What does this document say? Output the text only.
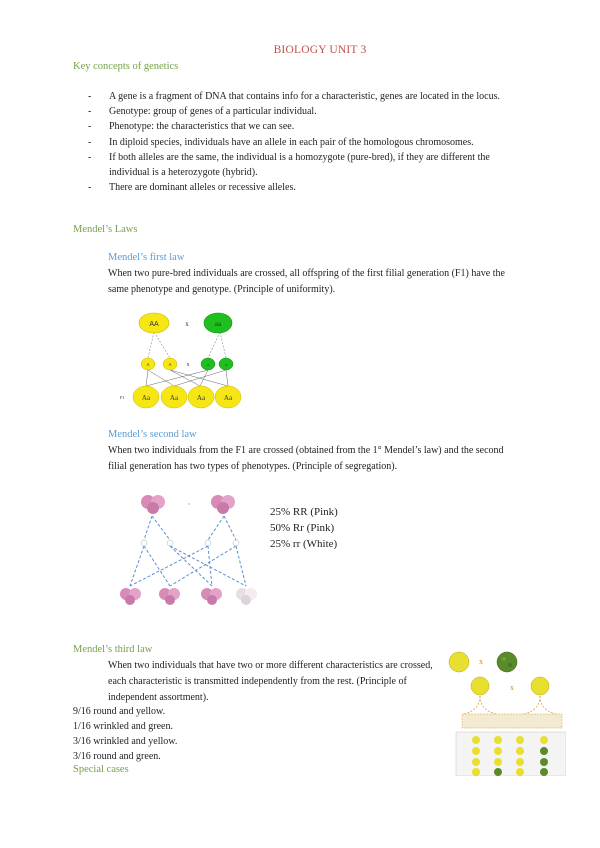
BIOLOGY UNIT 3
Key concepts of genetics
- A gene is a fragment of DNA that contains info for a characteristic, genes are located in the locus.
- Genotype: group of genes of a particular individual.
- Phenotype: the characteristics that we can see.
- In diploid species, individuals have an allele in each pair of the homologous chromosomes.
- If both alleles are the same, the individual is a homozygote (pure-bred), if they are different the individual is a heterozygote (hybrid).
- There are dominant alleles or recessive alleles.
Mendel’s Laws
Mendel’s first law
When two pure-bred individuals are crossed, all offspring of the first filial generation (F1) have the same phenotype and genotype. (Principle of uniformity).
AA	x	aa
A	A x	a	a
F1 Aa	Aa	Aa	Aa
Mendel’s second law
When two individuals from the F1 are crossed (obtained from the 1° Mendel’s law) and the second filial generation has two types of phenotypes. (Principle of segregation).
x
25% RR (Pink)
50% Rr (Pink)
25% rr (White)
Mendel’s third law
When two individuals that have two or more different characteristics are crossed, each characteristic is transmitted independently from the rest. (Principle of independent assortment).
9/16 round and yellow.
1/16 wrinkled and green.
3/16 wrinkled and yellow.
3/16 round and green.
Special cases
x
x
